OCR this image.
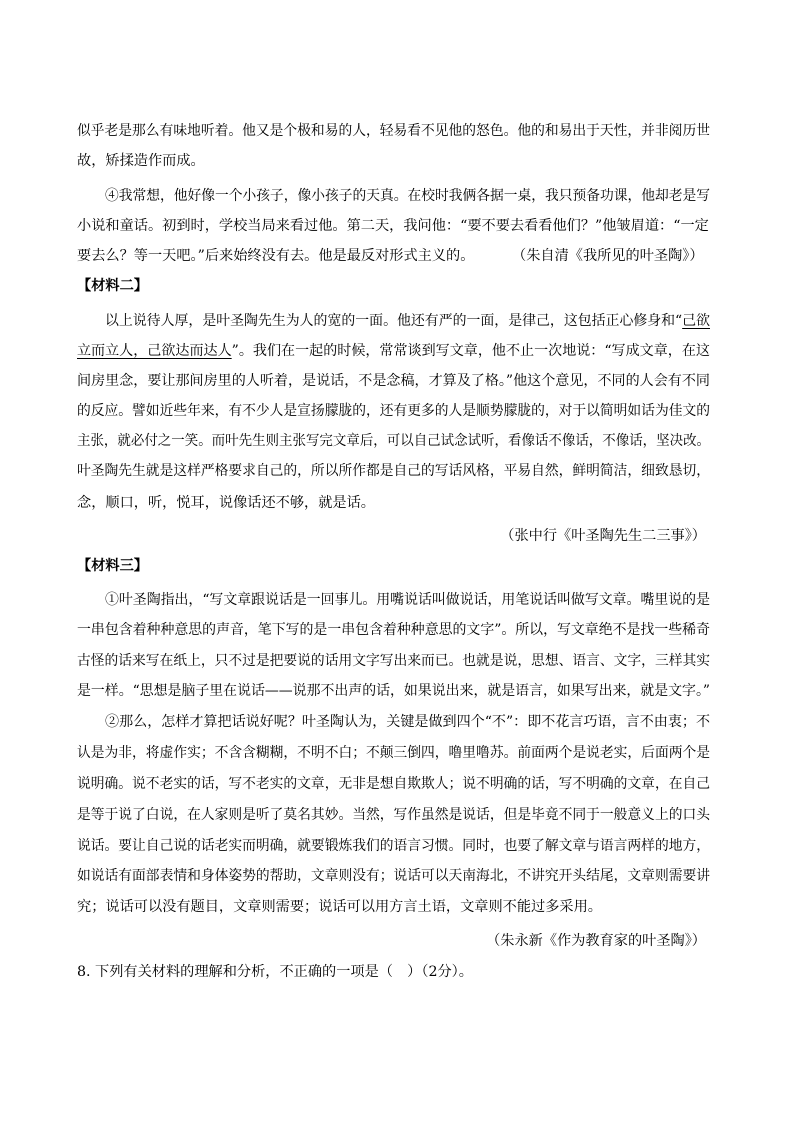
似乎老是那么有味地听着。他又是个极和易的人，轻易看不见他的怒色。他的和易出于天性，并非阅历世
故，矫揉造作而成。
④我常想，他好像一个小孩子，像小孩子的天真。在校时我俩各据一桌，我只预备功课，他却老是写
小说和童话。初到时，学校当局来看过他。第二天，我问他：“要不要去看看他们？”他皱眉道：“一定
要去么？等一天吧。”后来始终没有去。他是最反对形式主义的。	（朱自清《我所见的叶圣陶》）
【材料二】
以上说待人厚，是叶圣陶先生为人的宽的一面。他还有严的一面，是律己，这包括正心修身和“己欲
立而立人，己欲达而达人”。我们在一起的时候，常常谈到写文章，他不止一次地说：“写成文章，在这
间房里念，要让那间房里的人听着，是说话，不是念稿，才算及了格。”他这个意见，不同的人会有不同
的反应。譬如近些年来，有不少人是宣扬朦胧的，还有更多的人是顺势朦胧的，对于以简明如话为佳文的
主张，就必付之一笑。而叶先生则主张写完文章后，可以自己试念试听，看像话不像话，不像话，坚决改。
叶圣陶先生就是这样严格要求自己的，所以所作都是自己的写话风格，平易自然，鲜明简洁，细致恳切，
念，顺口，听，悦耳，说像话还不够，就是话。
（张中行《叶圣陶先生二三事》）
【材料三】
①叶圣陶指出，“写文章跟说话是一回事儿。用嘴说话叫做说话，用笔说话叫做写文章。嘴里说的是
一串包含着种种意思的声音，笔下写的是一串包含着种种意思的文字”。所以，写文章绝不是找一些稀奇
古怪的话来写在纸上，只不过是把要说的话用文字写出来而已。也就是说，思想、语言、文字，三样其实
是一样。“思想是脑子里在说话——说那不出声的话，如果说出来，就是语言，如果写出来，就是文字。”
②那么，怎样才算把话说好呢？叶圣陶认为，关键是做到四个“不”：即不花言巧语，言不由衷；不
认是为非，将虚作实；不含含糊糊，不明不白；不颠三倒四，噜里噜苏。前面两个是说老实，后面两个是
说明确。说不老实的话，写不老实的文章，无非是想自欺欺人；说不明确的话，写不明确的文章，在自己
是等于说了白说，在人家则是听了莫名其妙。当然，写作虽然是说话，但是毕竟不同于一般意义上的口头
说话。要让自己说的话老实而明确，就要锻炼我们的语言习惯。同时，也要了解文章与语言两样的地方，
如说话有面部表情和身体姿势的帮助，文章则没有；说话可以天南海北，不讲究开头结尾，文章则需要讲
究；说话可以没有题目，文章则需要；说话可以用方言土语，文章则不能过多采用。
（朱永新《作为教育家的叶圣陶》）
8. 下列有关材料的理解和分析，不正确的一项是（　）（2分）。
